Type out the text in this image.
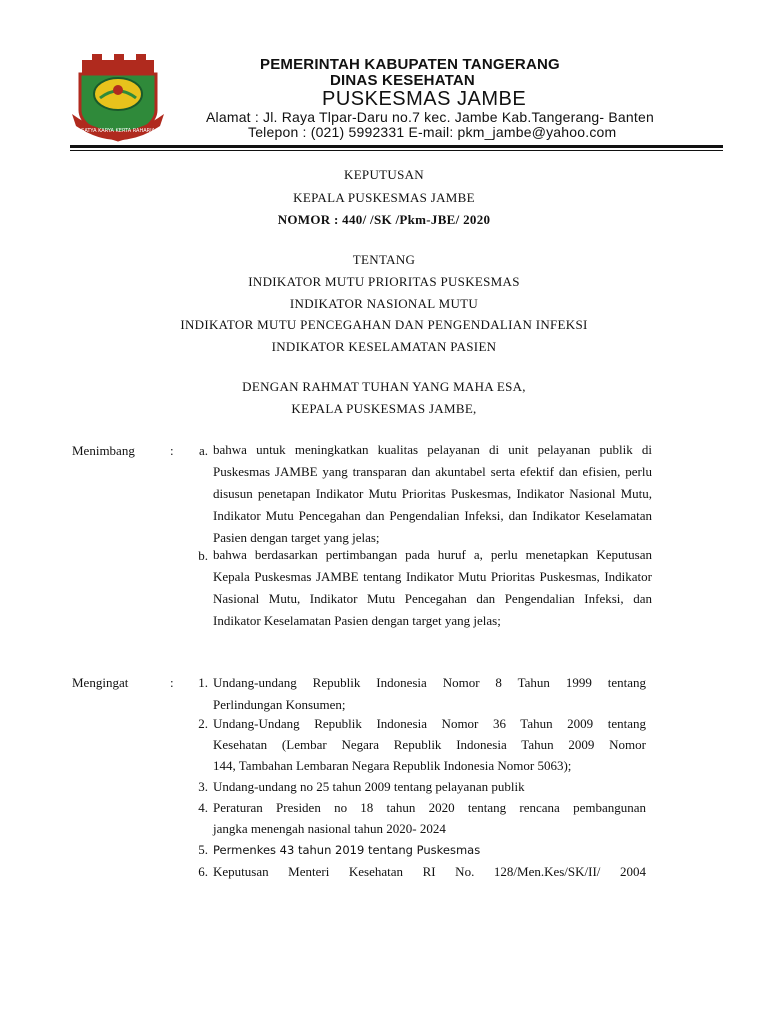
SATYA KARYA KERTA RAHARJA
PEMERINTAH KABUPATEN TANGERANG
DINAS KESEHATAN
PUSKESMAS JAMBE
Alamat : Jl. Raya Tlpar-Daru no.7 kec. Jambe Kab.Tangerang- Banten
Telepon : (021) 5992331 E-mail: pkm_jambe@yahoo.com
KEPUTUSAN
KEPALA PUSKESMAS JAMBE
NOMOR : 440/ /SK /Pkm-JBE/ 2020
TENTANG
INDIKATOR MUTU PRIORITAS PUSKESMAS
INDIKATOR NASIONAL MUTU
INDIKATOR MUTU PENCEGAHAN DAN PENGENDALIAN INFEKSI
INDIKATOR KESELAMATAN PASIEN
DENGAN RAHMAT TUHAN YANG MAHA ESA,
KEPALA PUSKESMAS JAMBE,
Menimbang	:	a. bahwa untuk meningkatkan kualitas pelayanan di unit pelayanan publik di Puskesmas JAMBE yang transparan dan akuntabel serta efektif dan efisien, perlu disusun penetapan Indikator Mutu Prioritas Puskesmas, Indikator Nasional Mutu, Indikator Mutu Pencegahan dan Pengendalian Infeksi, dan Indikator Keselamatan Pasien dengan target yang jelas;
b. bahwa berdasarkan pertimbangan pada huruf a, perlu menetapkan Keputusan Kepala Puskesmas JAMBE tentang Indikator Mutu Prioritas Puskesmas, Indikator Nasional Mutu, Indikator Mutu Pencegahan dan Pengendalian Infeksi, dan Indikator Keselamatan Pasien dengan target yang jelas;
Mengingat	:	1. Undang-undang Republik Indonesia Nomor 8 Tahun 1999 tentang
Perlindungan Konsumen;
2. Undang-Undang Republik Indonesia Nomor 36 Tahun 2009 tentang
Kesehatan (Lembar Negara Republik Indonesia Tahun 2009 Nomor
144, Tambahan Lembaran Negara Republik Indonesia Nomor 5063);
3. Undang-undang no 25 tahun 2009 tentang pelayanan publik
4. Peraturan Presiden no 18 tahun 2020 tentang rencana pembangunan
jangka menengah nasional tahun 2020- 2024
5. Permenkes 43 tahun 2019 tentang Puskesmas
6. Keputusan Menteri Kesehatan RI No. 128/Men.Kes/SK/II/ 2004
